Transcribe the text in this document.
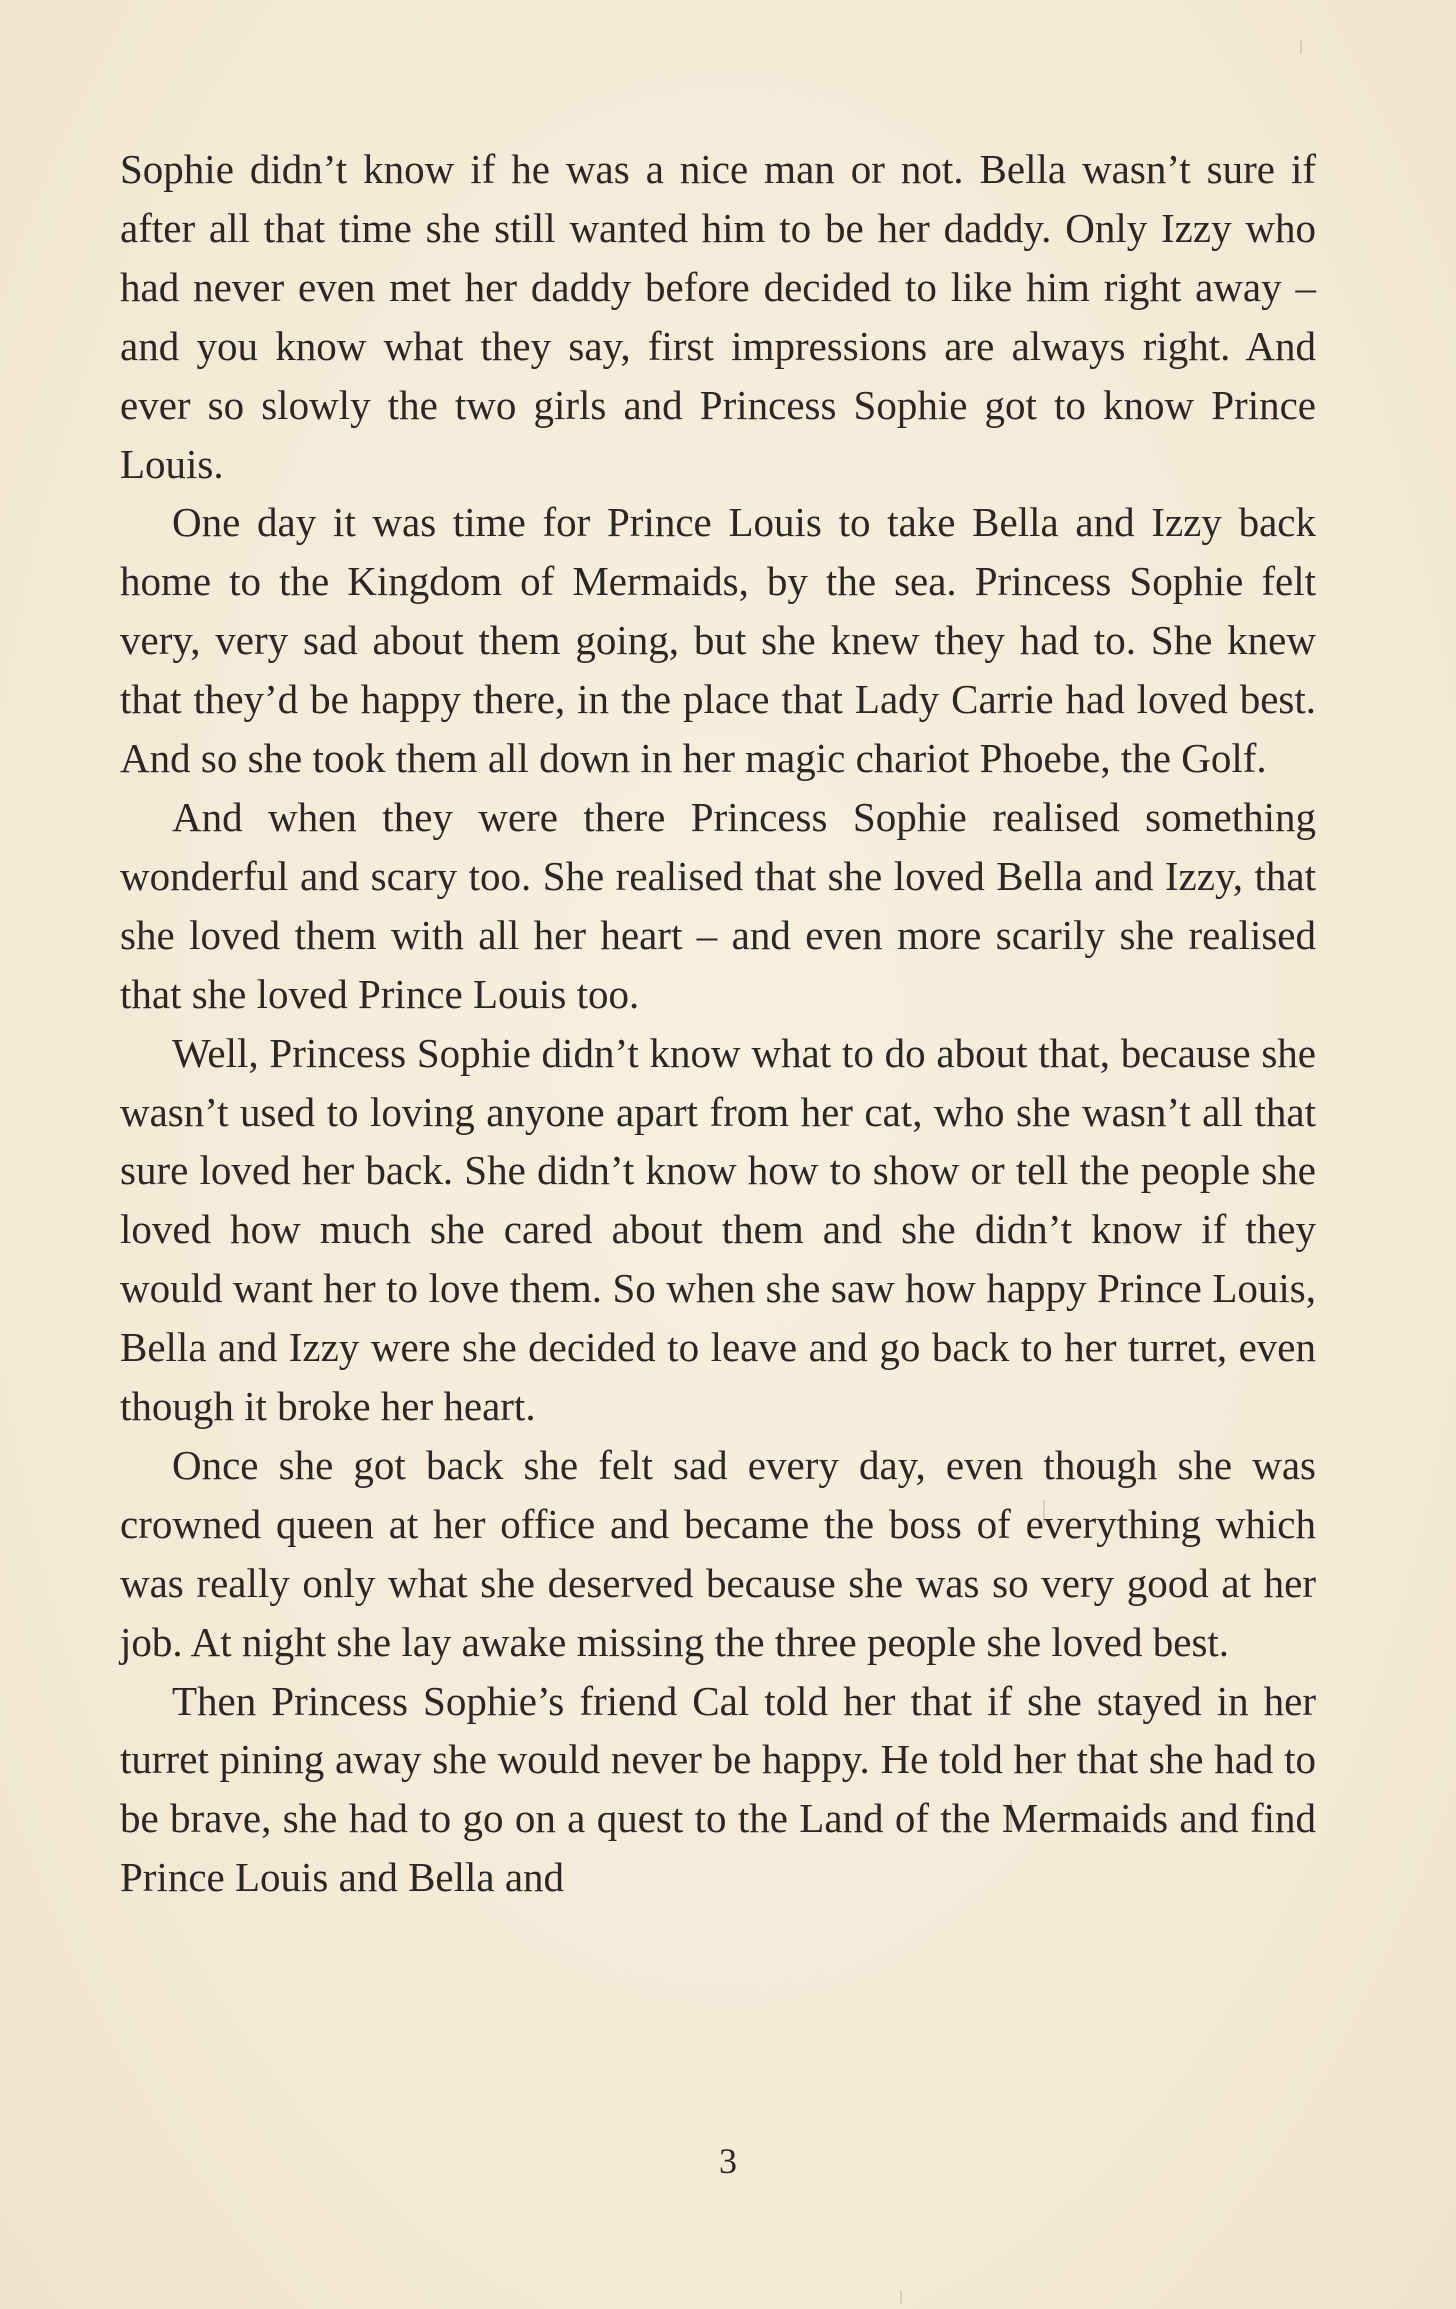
Sophie didn’t know if he was a nice man or not. Bella wasn’t sure if after all that time she still wanted him to be her daddy. Only Izzy who had never even met her daddy before decided to like him right away – and you know what they say, first impressions are always right. And ever so slowly the two girls and Princess Sophie got to know Prince Louis.

One day it was time for Prince Louis to take Bella and Izzy back home to the Kingdom of Mermaids, by the sea. Princess Sophie felt very, very sad about them going, but she knew they had to. She knew that they’d be happy there, in the place that Lady Carrie had loved best. And so she took them all down in her magic chariot Phoebe, the Golf.

And when they were there Princess Sophie realised something wonderful and scary too. She realised that she loved Bella and Izzy, that she loved them with all her heart – and even more scarily she realised that she loved Prince Louis too.

Well, Princess Sophie didn’t know what to do about that, because she wasn’t used to loving anyone apart from her cat, who she wasn’t all that sure loved her back. She didn’t know how to show or tell the people she loved how much she cared about them and she didn’t know if they would want her to love them. So when she saw how happy Prince Louis, Bella and Izzy were she decided to leave and go back to her turret, even though it broke her heart.

Once she got back she felt sad every day, even though she was crowned queen at her office and became the boss of everything which was really only what she deserved because she was so very good at her job. At night she lay awake missing the three people she loved best.

Then Princess Sophie’s friend Cal told her that if she stayed in her turret pining away she would never be happy. He told her that she had to be brave, she had to go on a quest to the Land of the Mermaids and find Prince Louis and Bella and

3
